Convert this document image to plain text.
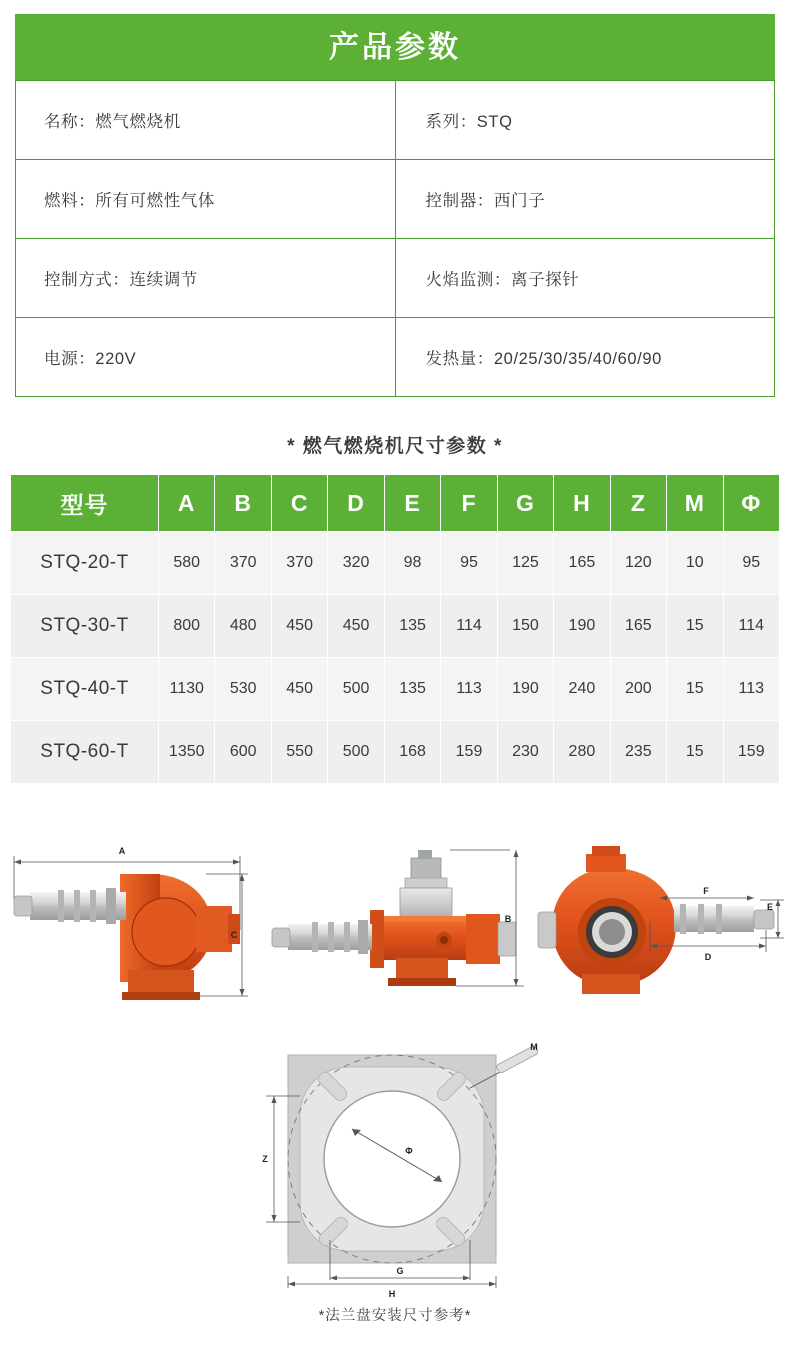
产品参数
名称：燃气燃烧机	系列：STQ
燃料：所有可燃性气体	控制器：西门子
控制方式：连续调节	火焰监测：离子探针
电源：220V	发热量：20/25/30/35/40/60/90
* 燃气燃烧机尺寸参数 *
型号	A	B	C	D	E	F	G	H	Z	M	Φ
STQ-20-T	580	370	370	320	98	95	125	165	120	10	95
STQ-30-T	800	480	450	450	135	114	150	190	165	15	114
STQ-40-T	1130	530	450	500	135	113	190	240	200	15	113
STQ-60-T	1350	600	550	500	168	159	230	280	235	15	159
A
C
B
F
E
D
M
Z
Φ
G
H
*法兰盘安装尺寸参考*
